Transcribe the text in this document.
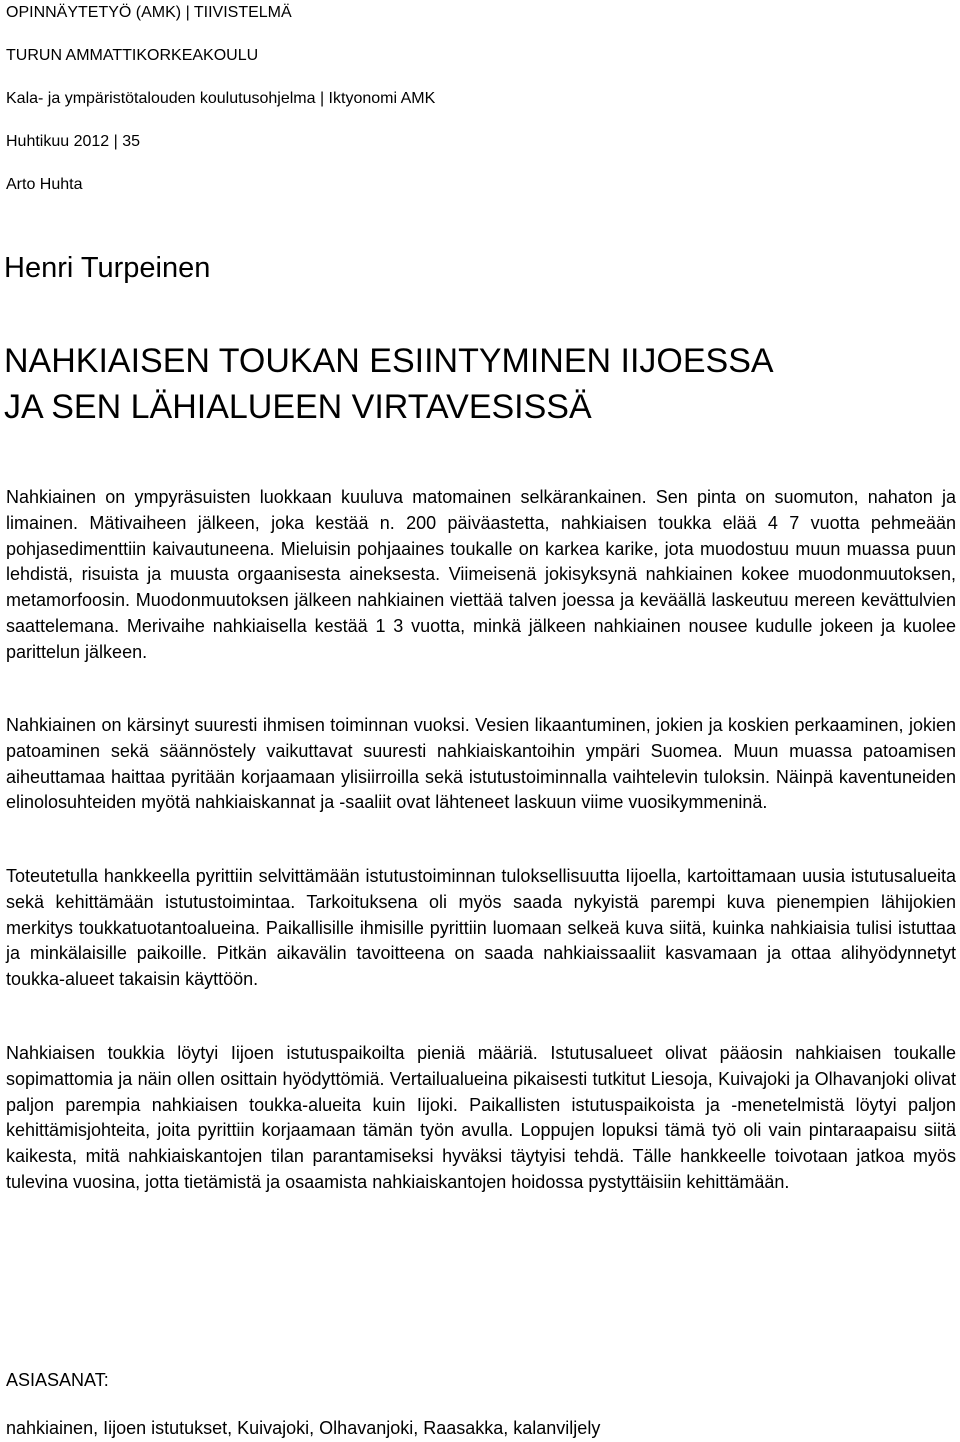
OPINNÄYTETYÖ (AMK) | TIIVISTELMÄ
TURUN AMMATTIKORKEAKOULU
Kala- ja ympäristötalouden koulutusohjelma | Iktyonomi AMK
Huhtikuu 2012 | 35
Arto Huhta
Henri Turpeinen
NAHKIAISEN TOUKAN ESIINTYMINEN IIJOESSA
JA SEN LÄHIALUEEN VIRTAVESISSÄ

Nahkiainen on ympyräsuisten luokkaan kuuluva matomainen selkärankainen. Sen pinta on suomuton, nahaton ja limainen. Mätivaiheen jälkeen, joka kestää n. 200 päiväastetta, nahkiaisen toukka elää 4 7 vuotta pehmeään pohjasedimenttiin kaivautuneena. Mieluisin pohjaaines toukalle on karkea karike, jota muodostuu muun muassa puun lehdistä, risuista ja muusta orgaanisesta aineksesta. Viimeisenä jokisyksynä nahkiainen kokee muodonmuutoksen, metamorfoosin. Muodonmuutoksen jälkeen nahkiainen viettää talven joessa ja keväällä laskeutuu mereen kevättulvien saattelemana. Merivaihe nahkiaisella kestää 1 3 vuotta, minkä jälkeen nahkiainen nousee kudulle jokeen ja kuolee parittelun jälkeen.

Nahkiainen on kärsinyt suuresti ihmisen toiminnan vuoksi. Vesien likaantuminen, jokien ja koskien perkaaminen, jokien patoaminen sekä säännöstely vaikuttavat suuresti nahkiaiskantoihin ympäri Suomea. Muun muassa patoamisen aiheuttamaa haittaa pyritään korjaamaan ylisiirroilla sekä istutustoiminnalla vaihtelevin tuloksin. Näinpä kaventuneiden elinolosuhteiden myötä nahkiaiskannat ja -saaliit ovat lähteneet laskuun viime vuosikymmeninä.

Toteutetulla hankkeella pyrittiin selvittämään istutustoiminnan tuloksellisuutta Iijoella, kartoittamaan uusia istutusalueita sekä kehittämään istutustoimintaa. Tarkoituksena oli myös saada nykyistä parempi kuva pienempien lähijokien merkitys toukkatuotantoalueina. Paikallisille ihmisille pyrittiin luomaan selkeä kuva siitä, kuinka nahkiaisia tulisi istuttaa ja minkälaisille paikoille. Pitkän aikavälin tavoitteena on saada nahkiaissaaliit kasvamaan ja ottaa alihyödynnetyt toukka-alueet takaisin käyttöön.

Nahkiaisen toukkia löytyi Iijoen istutuspaikoilta pieniä määriä. Istutusalueet olivat pääosin nahkiaisen toukalle sopimattomia ja näin ollen osittain hyödyttömiä. Vertailualueina pikaisesti tutkitut Liesoja, Kuivajoki ja Olhavanjoki olivat paljon parempia nahkiaisen toukka-alueita kuin Iijoki. Paikallisten istutuspaikoista ja -menetelmistä löytyi paljon kehittämisjohteita, joita pyrittiin korjaamaan tämän työn avulla. Loppujen lopuksi tämä työ oli vain pintaraapaisu siitä kaikesta, mitä nahkiaiskantojen tilan parantamiseksi hyväksi täytyisi tehdä. Tälle hankkeelle toivotaan jatkoa myös tulevina vuosina, jotta tietämistä ja osaamista nahkiaiskantojen hoidossa pystyttäisiin kehittämään.

ASIASANAT:
nahkiainen, Iijoen istutukset, Kuivajoki, Olhavanjoki, Raasakka, kalanviljely
